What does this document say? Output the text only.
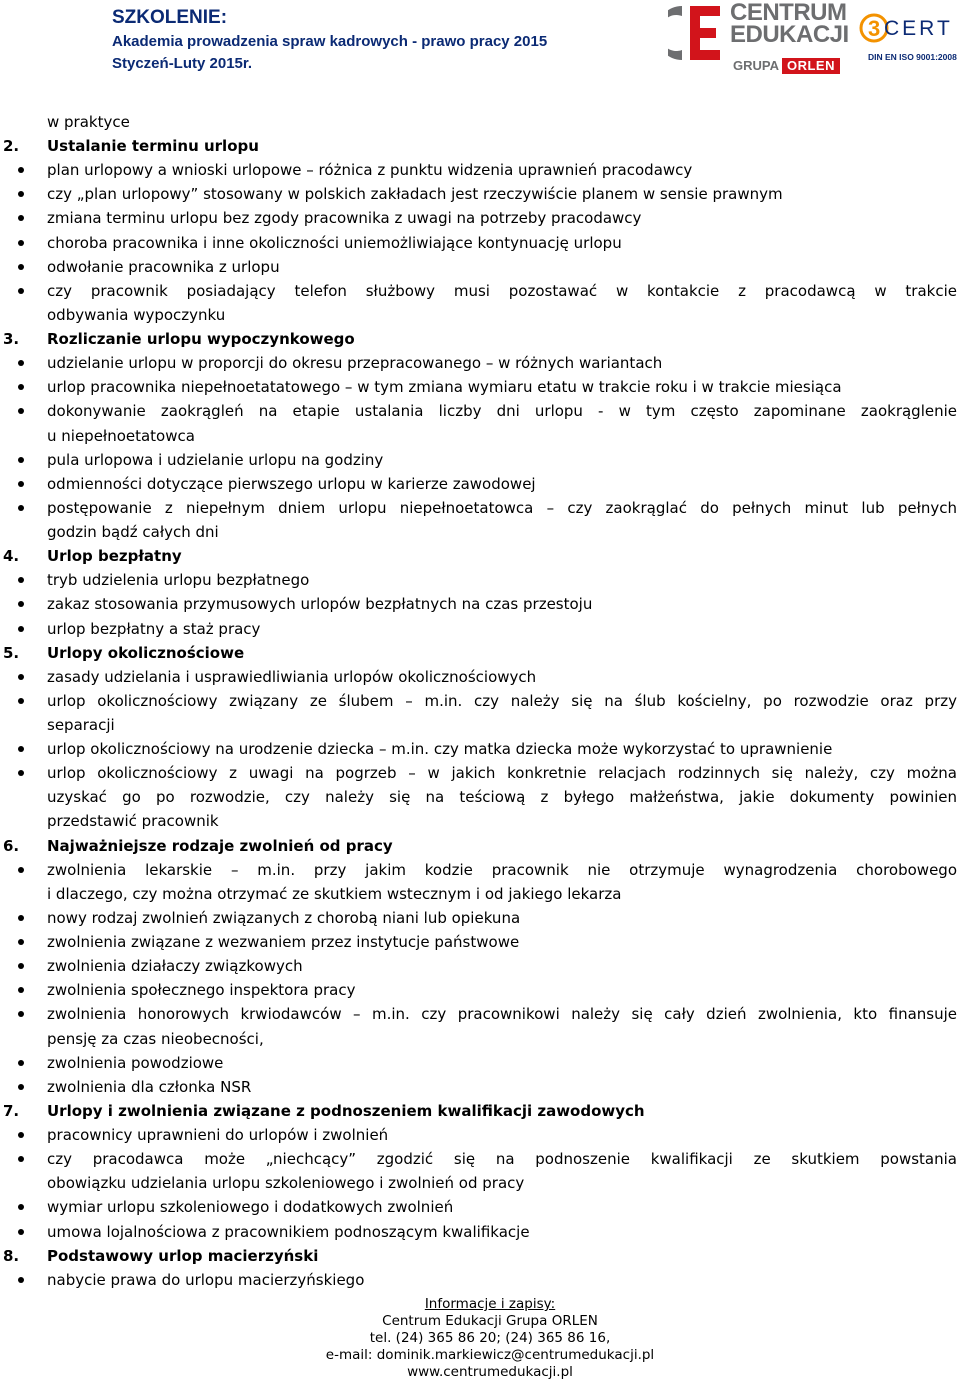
SZKOLENIE:
Akademia prowadzenia spraw kadrowych - prawo pracy 2015
Styczeń-Luty 2015r.
CENTRUM
EDUKACJI
GRUPA ORLEN
3 CERT
DIN EN ISO 9001:2008
w praktyce
2. Ustalanie terminu urlopu
plan urlopowy a wnioski urlopowe – różnica z punktu widzenia uprawnień pracodawcy
czy „plan urlopowy” stosowany w polskich zakładach jest rzeczywiście planem w sensie prawnym
zmiana terminu urlopu bez zgody pracownika z uwagi na potrzeby pracodawcy
choroba pracownika i inne okoliczności uniemożliwiające kontynuację urlopu
odwołanie pracownika z urlopu
czy pracownik posiadający telefon służbowy musi pozostawać w kontakcie z pracodawcą w trakcie
odbywania wypoczynku
3. Rozliczanie urlopu wypoczynkowego
udzielanie urlopu w proporcji do okresu przepracowanego – w różnych wariantach
urlop pracownika niepełnoetatatowego – w tym zmiana wymiaru etatu w trakcie roku i w trakcie miesiąca
dokonywanie zaokrągleń na etapie ustalania liczby dni urlopu - w tym często zapominane zaokrąglenie
u niepełnoetatowca
pula urlopowa i udzielanie urlopu na godziny
odmienności dotyczące pierwszego urlopu w karierze zawodowej
postępowanie z niepełnym dniem urlopu niepełnoetatowca – czy zaokrąglać do pełnych minut lub pełnych
godzin bądź całych dni
4. Urlop bezpłatny
tryb udzielenia urlopu bezpłatnego
zakaz stosowania przymusowych urlopów bezpłatnych na czas przestoju
urlop bezpłatny a staż pracy
5. Urlopy okolicznościowe
zasady udzielania i usprawiedliwiania urlopów okolicznościowych
urlop okolicznościowy związany ze ślubem – m.in. czy należy się na ślub kościelny, po rozwodzie oraz przy
separacji
urlop okolicznościowy na urodzenie dziecka – m.in. czy matka dziecka może wykorzystać to uprawnienie
urlop okolicznościowy z uwagi na pogrzeb – w jakich konkretnie relacjach rodzinnych się należy, czy można
uzyskać go po rozwodzie, czy należy się na teściową z byłego małżeństwa, jakie dokumenty powinien
przedstawić pracownik
6. Najważniejsze rodzaje zwolnień od pracy
zwolnienia lekarskie – m.in. przy jakim kodzie pracownik nie otrzymuje wynagrodzenia chorobowego
i dlaczego, czy można otrzymać ze skutkiem wstecznym i od jakiego lekarza
nowy rodzaj zwolnień związanych z chorobą niani lub opiekuna
zwolnienia związane z wezwaniem przez instytucje państwowe
zwolnienia działaczy związkowych
zwolnienia społecznego inspektora pracy
zwolnienia honorowych krwiodawców – m.in. czy pracownikowi należy się cały dzień zwolnienia, kto finansuje
pensję za czas nieobecności,
zwolnienia powodziowe
zwolnienia dla członka NSR
7. Urlopy i zwolnienia związane z podnoszeniem kwalifikacji zawodowych
pracownicy uprawnieni do urlopów i zwolnień
czy pracodawca może „niechcący” zgodzić się na podnoszenie kwalifikacji ze skutkiem powstania
obowiązku udzielania urlopu szkoleniowego i zwolnień od pracy
wymiar urlopu szkoleniowego i dodatkowych zwolnień
umowa lojalnościowa z pracownikiem podnoszącym kwalifikacje
8. Podstawowy urlop macierzyński
nabycie prawa do urlopu macierzyńskiego
Informacje i zapisy:
Centrum Edukacji Grupa ORLEN
tel. (24) 365 86 20; (24) 365 86 16,
e-mail: dominik.markiewicz@centrumedukacji.pl
www.centrumedukacji.pl
